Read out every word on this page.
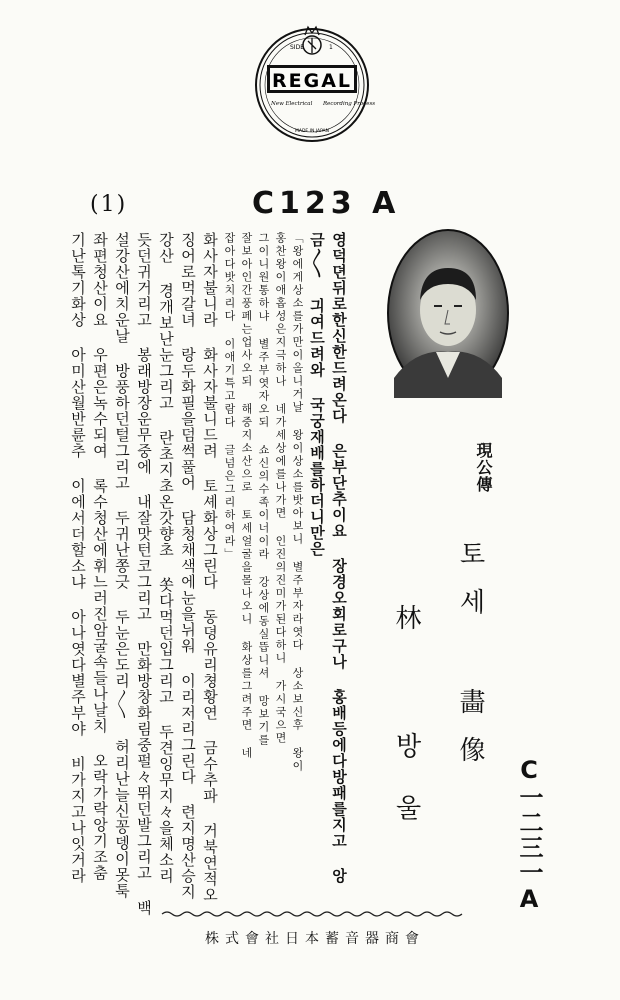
SIDE	1
REGAL
New Electrical Recording Process
MADE IN JAPAN
(1)	C123 A

영덕뎐뒤로한신한드려온다 은부단추이요 장경오회로구나 홍배등에다방패를지고 앙

금〳〵 긔여드려와 국궁재배를하더니만은

「왕에게상소를가만이올니거날 왕이상소를밧아보니 별주부자라엿다 상소보신후 왕이

홍찬왕이애홉성은지극하나 네가세상에를나가면 인진의진미가된다하니 가시국으면

그이니원통하냐 별주부엿자오되 쇼신의수족이너이라 강상에동실뜹니셔 망보기를

잘보아인간풍페는업사오되 해중지소산으로 토세얼굴을몰나오니 화상를그려주면 네

잡아다밧치리다 이애기특고람다 글넘은그리하여라」

화사자불니라 화사자불니드려 토셰화상그린다 동뎡유리쳥황연 금수추파 거북연적오

징어로먹갈녀 랑두화필을덤썩풀어 담청채색에눈을뉘워 이리저리그린다 련지명산승지

강산 경개보난눈그리고 란초지초온갓향초 쏫다먹던입그리고 두견잉무지々을체소리

듯던귀거리고 봉래방장운무중에 내잘맛턴코그리고 만화방창화림중펄々뛰던발그리고 백

설강산에치운날 방풍하던털그리고 두귀난쫑긋 두눈은도리〳〵 허리난늘신꽁뎅이못툭

좌편청산이요 우편은녹수되여 록수청산에휘느러진암굴속들나날치 오락가락앙기조춤

기난톡기화상 아미산월반륜추 이에서더할소냐 아나엿다별주부야 비가지고나잇거라	現公傳
토세 畵像
林 방울	C一二三一A
株式會社日本蓄音器商會
